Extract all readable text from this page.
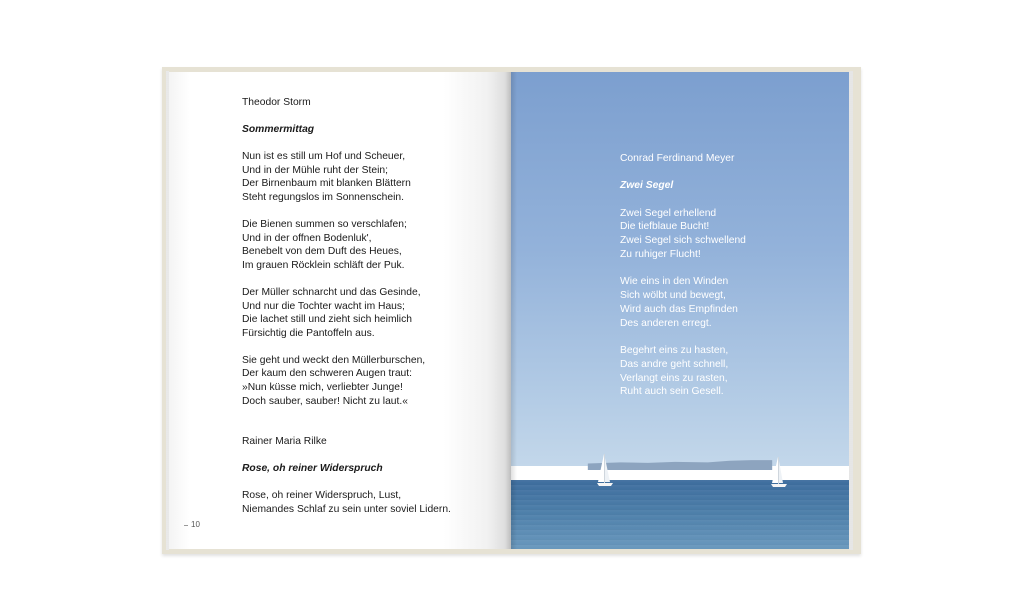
Theodor Storm
Sommermittag
Nun ist es still um Hof und Scheuer,
Und in der Mühle ruht der Stein;
Der Birnenbaum mit blanken Blättern
Steht regungslos im Sonnenschein.
Die Bienen summen so verschlafen;
Und in der offnen Bodenluk',
Benebelt von dem Duft des Heues,
Im grauen Röcklein schläft der Puk.
Der Müller schnarcht und das Gesinde,
Und nur die Tochter wacht im Haus;
Die lachet still und zieht sich heimlich
Fürsichtig die Pantoffeln aus.
Sie geht und weckt den Müllerburschen,
Der kaum den schweren Augen traut:
»Nun küsse mich, verliebter Junge!
Doch sauber, sauber! Nicht zu laut.«
Rainer Maria Rilke
Rose, oh reiner Widerspruch
Rose, oh reiner Widerspruch, Lust,
Niemandes Schlaf zu sein unter soviel Lidern.
10
Conrad Ferdinand Meyer
Zwei Segel
Zwei Segel erhellend
Die tiefblaue Bucht!
Zwei Segel sich schwellend
Zu ruhiger Flucht!
Wie eins in den Winden
Sich wölbt und bewegt,
Wird auch das Empfinden
Des anderen erregt.
Begehrt eins zu hasten,
Das andre geht schnell,
Verlangt eins zu rasten,
Ruht auch sein Gesell.
